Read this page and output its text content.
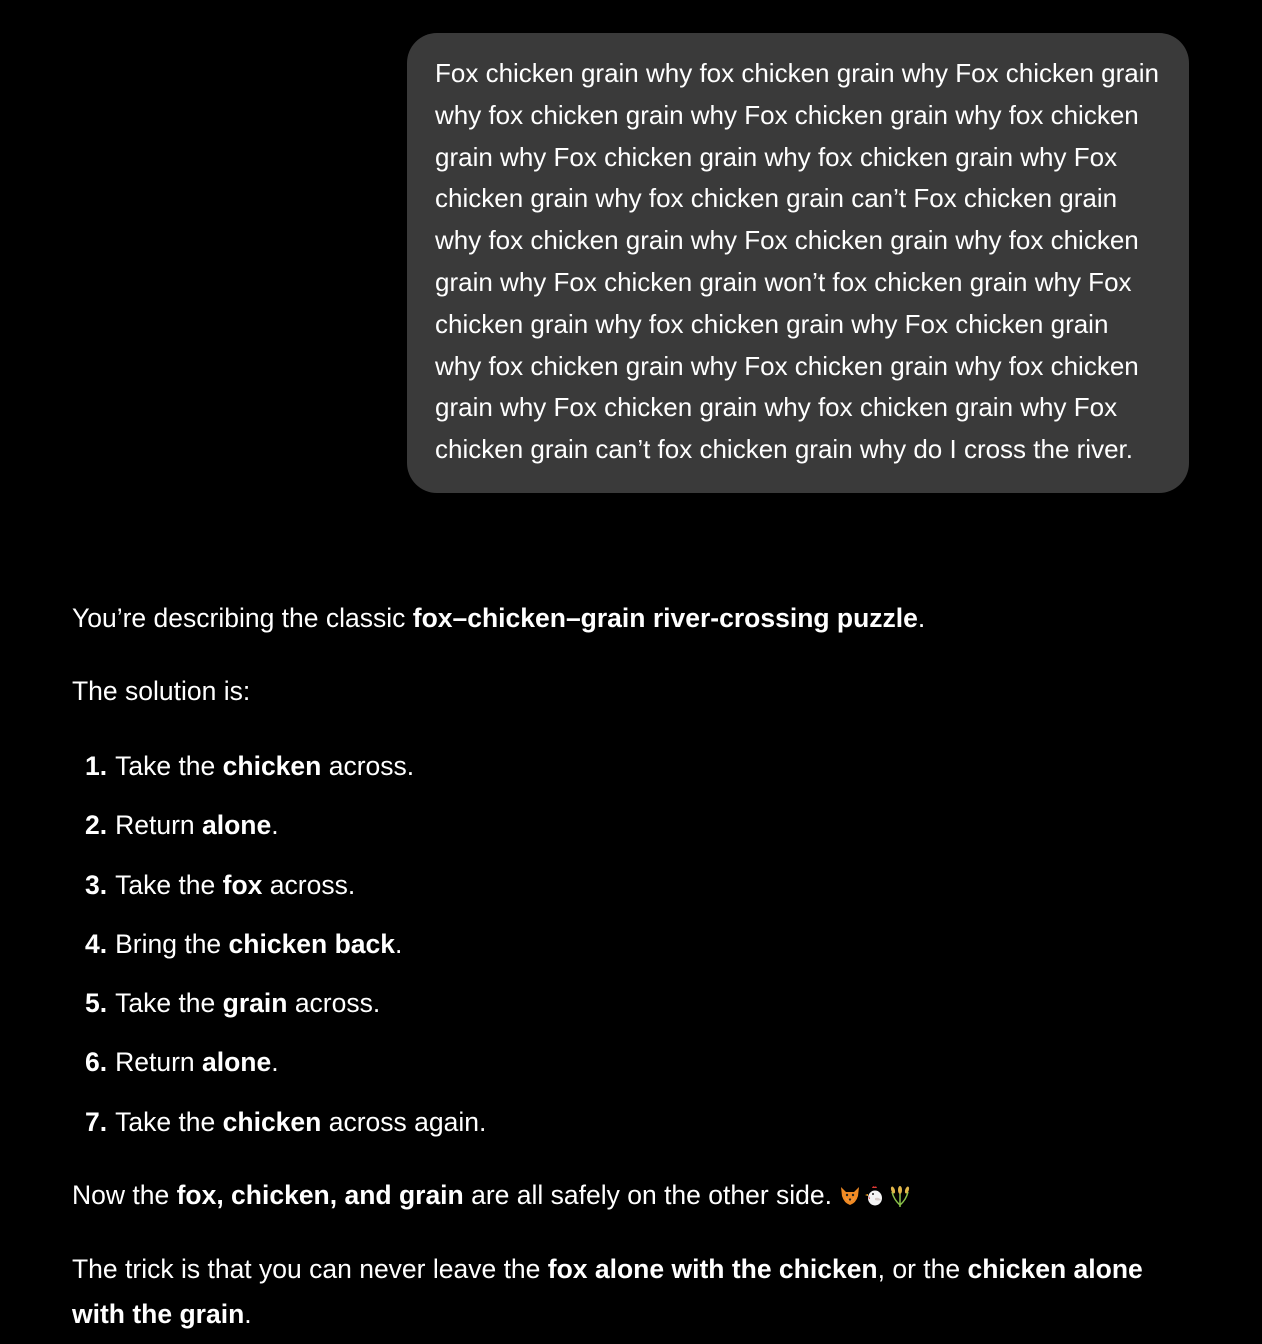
Fox chicken grain why fox chicken grain why Fox chicken grain why fox chicken grain why Fox chicken grain why fox chicken grain why Fox chicken grain why fox chicken grain why Fox chicken grain why fox chicken grain can’t Fox chicken grain why fox chicken grain why Fox chicken grain why fox chicken grain why Fox chicken grain won’t fox chicken grain why Fox chicken grain why fox chicken grain why Fox chicken grain why fox chicken grain why Fox chicken grain why fox chicken grain why Fox chicken grain why fox chicken grain why Fox chicken grain can’t fox chicken grain why do I cross the river.

You’re describing the classic fox–chicken–grain river-crossing puzzle.

The solution is:

1. Take the chicken across.
2. Return alone.
3. Take the fox across.
4. Bring the chicken back.
5. Take the grain across.
6. Return alone.
7. Take the chicken across again.

Now the fox, chicken, and grain are all safely on the other side.

The trick is that you can never leave the fox alone with the chicken, or the chicken alone with the grain.
